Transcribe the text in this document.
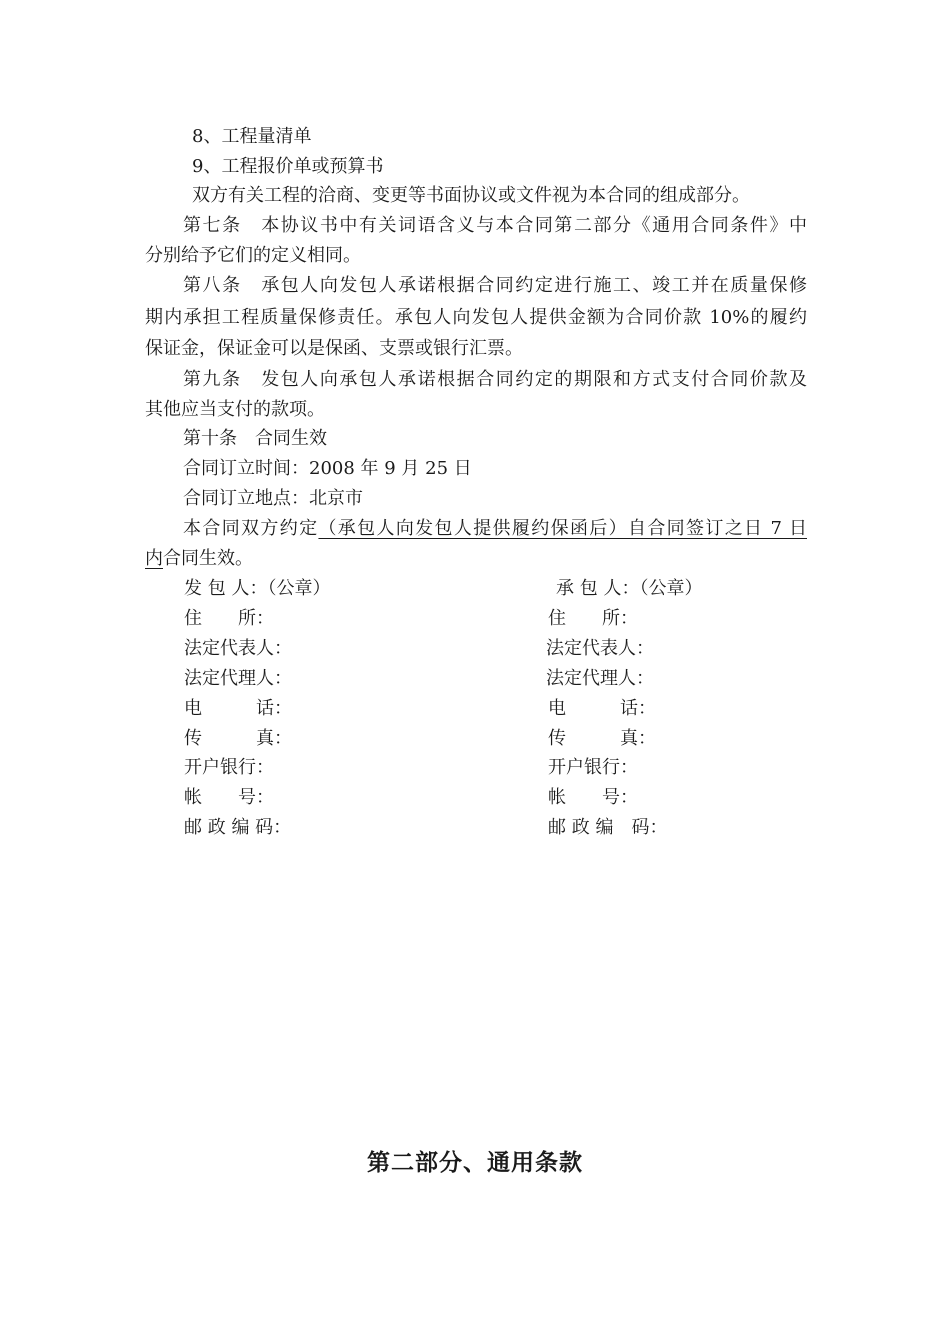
8、工程量清单
9、工程报价单或预算书
双方有关工程的洽商、变更等书面协议或文件视为本合同的组成部分。
第七条　本协议书中有关词语含义与本合同第二部分《通用合同条件》中
分别给予它们的定义相同。
第八条　承包人向发包人承诺根据合同约定进行施工、竣工并在质量保修
期内承担工程质量保修责任。承包人向发包人提供金额为合同价款 10%的履约
保证金，保证金可以是保函、支票或银行汇票。
第九条　发包人向承包人承诺根据合同约定的期限和方式支付合同价款及
其他应当支付的款项。
第十条　合同生效
合同订立时间：2008 年 9 月 25 日
合同订立地点：北京市
本合同双方约定（承包人向发包人提供履约保函后）自合同签订之日 7 日
内合同生效。
发 包 人：（公章）
住　　所：
法定代表人：
法定代理人：
电　　　话：
传　　　真：
开户银行：
帐　　号：
邮 政 编 码：
承 包 人：（公章）
住　　所：
法定代表人：
法定代理人：
电　　　话：
传　　　真：
开户银行：
帐　　号：
邮 政 编　码：
第二部分、通用条款
